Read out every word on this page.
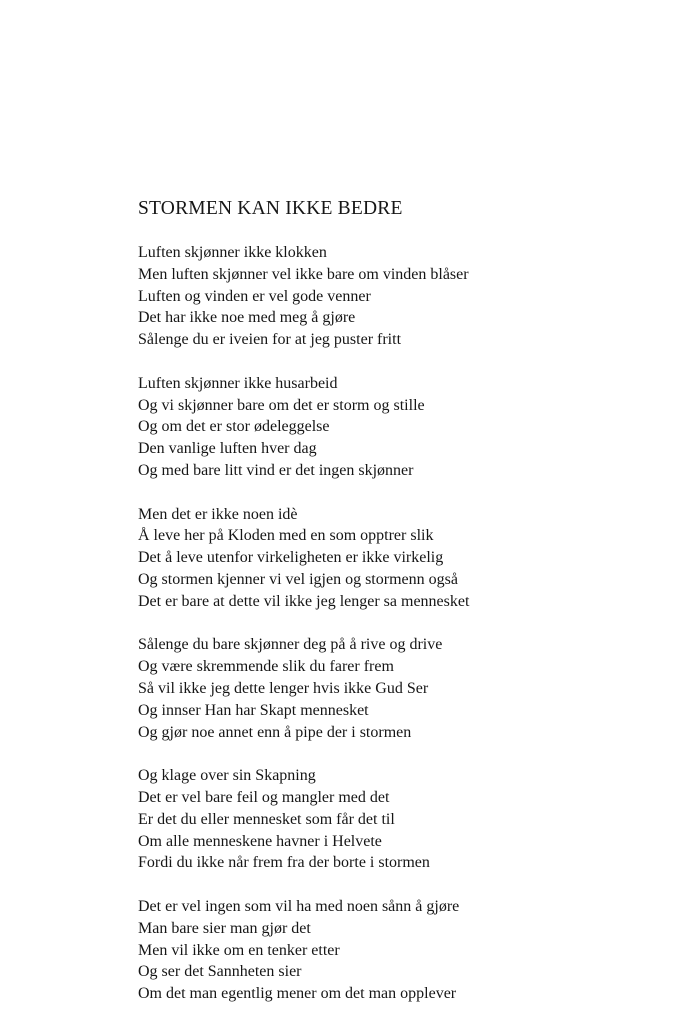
STORMEN KAN IKKE BEDRE

Luften skjønner ikke klokken

Men luften skjønner vel ikke bare om vinden blåser

Luften og vinden er vel gode venner

Det har ikke noe med meg å gjøre

Sålenge du er iveien for at jeg puster fritt

Luften skjønner ikke husarbeid

Og vi skjønner bare om det er storm og stille

Og om det er stor ødeleggelse

Den vanlige luften hver dag

Og med bare litt vind er det ingen skjønner

Men det er ikke noen idè

Å leve her på Kloden med en som opptrer slik

Det å leve utenfor virkeligheten er ikke virkelig

Og stormen kjenner vi vel igjen og stormenn også

Det er bare at dette vil ikke jeg lenger sa mennesket

Sålenge du bare skjønner deg på å rive og drive

Og være skremmende slik du farer frem

Så vil ikke jeg dette lenger hvis ikke Gud Ser

Og innser Han har Skapt mennesket

Og gjør noe annet enn å pipe der i stormen

Og klage over sin Skapning

Det er vel bare feil og mangler med det

Er det du eller mennesket som får det til

Om alle menneskene havner i Helvete

Fordi du ikke når frem fra der borte i stormen

Det er vel ingen som vil ha med noen sånn å gjøre

Man bare sier man gjør det

Men vil ikke om en tenker etter

Og ser det Sannheten sier

Om det man egentlig mener om det man opplever
